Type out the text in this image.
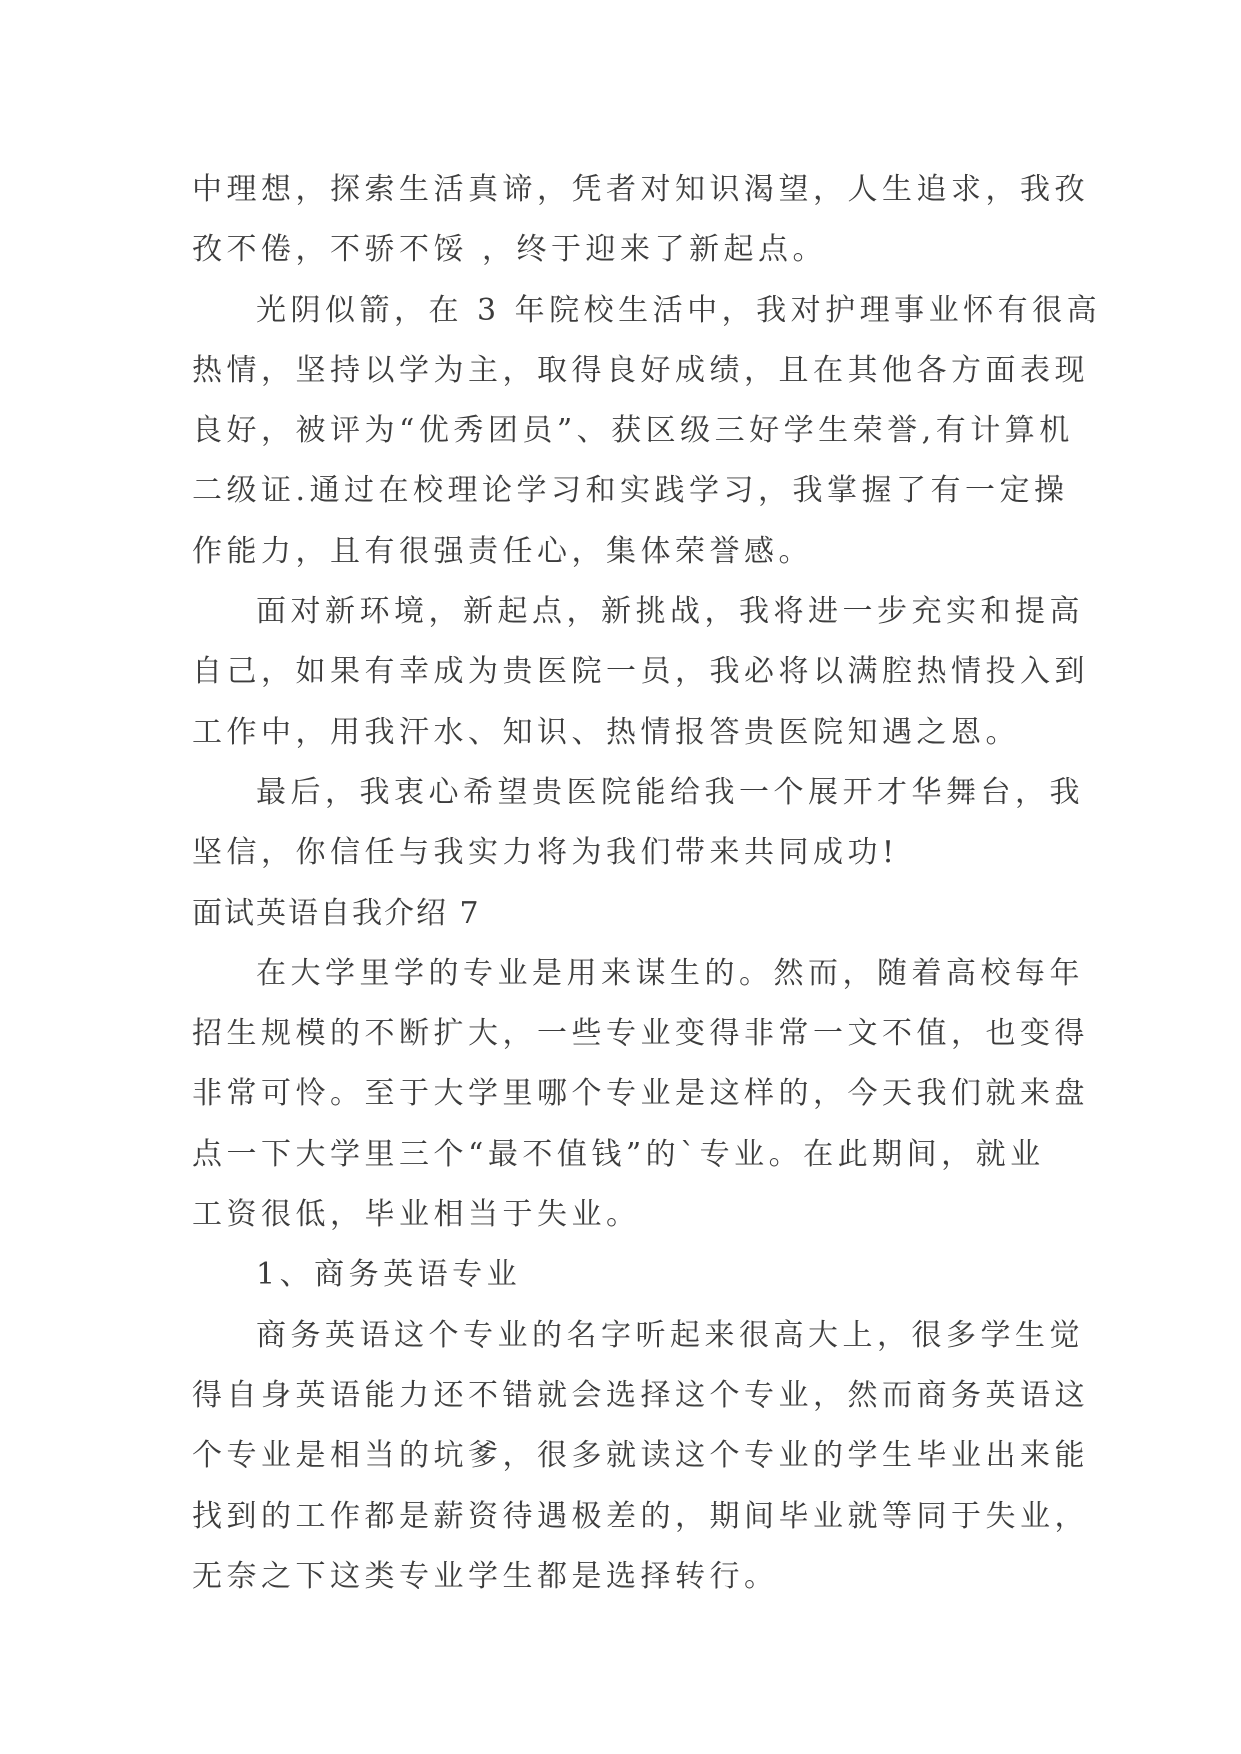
中理想，探索生活真谛，凭者对知识渴望，人生追求，我孜
孜不倦，不骄不馁 ，终于迎来了新起点。
光阴似箭，在 3 年院校生活中，我对护理事业怀有很高
热情，坚持以学为主，取得良好成绩，且在其他各方面表现
良好，被评为“优秀团员”、获区级三好学生荣誉,有计算机
二级证.通过在校理论学习和实践学习，我掌握了有一定操
作能力，且有很强责任心，集体荣誉感。
面对新环境，新起点，新挑战，我将进一步充实和提高
自己，如果有幸成为贵医院一员，我必将以满腔热情投入到
工作中，用我汗水、知识、热情报答贵医院知遇之恩。
最后，我衷心希望贵医院能给我一个展开才华舞台，我
坚信，你信任与我实力将为我们带来共同成功!
面试英语自我介绍 7
在大学里学的专业是用来谋生的。然而，随着高校每年
招生规模的不断扩大，一些专业变得非常一文不值，也变得
非常可怜。至于大学里哪个专业是这样的，今天我们就来盘
点一下大学里三个“最不值钱”的`专业。在此期间，就业
工资很低，毕业相当于失业。
1、商务英语专业
商务英语这个专业的名字听起来很高大上，很多学生觉
得自身英语能力还不错就会选择这个专业，然而商务英语这
个专业是相当的坑爹，很多就读这个专业的学生毕业出来能
找到的工作都是薪资待遇极差的，期间毕业就等同于失业，
无奈之下这类专业学生都是选择转行。
